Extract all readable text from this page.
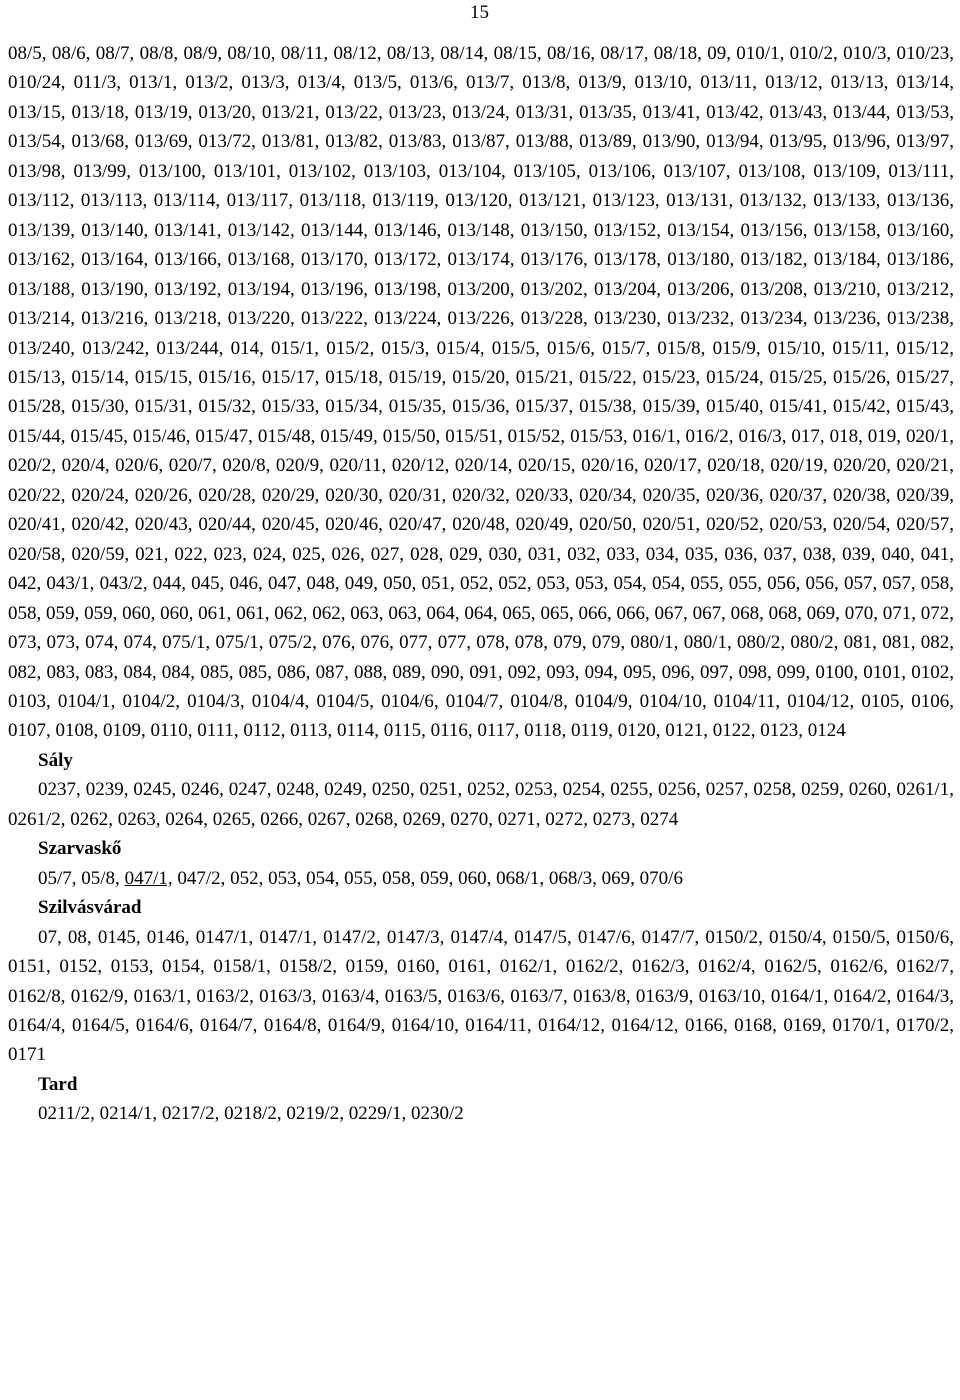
15

08/5, 08/6, 08/7, 08/8, 08/9, 08/10, 08/11, 08/12, 08/13, 08/14, 08/15, 08/16, 08/17, 08/18, 09, 010/1, 010/2, 010/3, 010/23, 010/24, 011/3, 013/1, 013/2, 013/3, 013/4, 013/5, 013/6, 013/7, 013/8, 013/9, 013/10, 013/11, 013/12, 013/13, 013/14, 013/15, 013/18, 013/19, 013/20, 013/21, 013/22, 013/23, 013/24, 013/31, 013/35, 013/41, 013/42, 013/43, 013/44, 013/53, 013/54, 013/68, 013/69, 013/72, 013/81, 013/82, 013/83, 013/87, 013/88, 013/89, 013/90, 013/94, 013/95, 013/96, 013/97, 013/98, 013/99, 013/100, 013/101, 013/102, 013/103, 013/104, 013/105, 013/106, 013/107, 013/108, 013/109, 013/111, 013/112, 013/113, 013/114, 013/117, 013/118, 013/119, 013/120, 013/121, 013/123, 013/131, 013/132, 013/133, 013/136, 013/139, 013/140, 013/141, 013/142, 013/144, 013/146, 013/148, 013/150, 013/152, 013/154, 013/156, 013/158, 013/160, 013/162, 013/164, 013/166, 013/168, 013/170, 013/172, 013/174, 013/176, 013/178, 013/180, 013/182, 013/184, 013/186, 013/188, 013/190, 013/192, 013/194, 013/196, 013/198, 013/200, 013/202, 013/204, 013/206, 013/208, 013/210, 013/212, 013/214, 013/216, 013/218, 013/220, 013/222, 013/224, 013/226, 013/228, 013/230, 013/232, 013/234, 013/236, 013/238, 013/240, 013/242, 013/244, 014, 015/1, 015/2, 015/3, 015/4, 015/5, 015/6, 015/7, 015/8, 015/9, 015/10, 015/11, 015/12, 015/13, 015/14, 015/15, 015/16, 015/17, 015/18, 015/19, 015/20, 015/21, 015/22, 015/23, 015/24, 015/25, 015/26, 015/27, 015/28, 015/30, 015/31, 015/32, 015/33, 015/34, 015/35, 015/36, 015/37, 015/38, 015/39, 015/40, 015/41, 015/42, 015/43, 015/44, 015/45, 015/46, 015/47, 015/48, 015/49, 015/50, 015/51, 015/52, 015/53, 016/1, 016/2, 016/3, 017, 018, 019, 020/1, 020/2, 020/4, 020/6, 020/7, 020/8, 020/9, 020/11, 020/12, 020/14, 020/15, 020/16, 020/17, 020/18, 020/19, 020/20, 020/21, 020/22, 020/24, 020/26, 020/28, 020/29, 020/30, 020/31, 020/32, 020/33, 020/34, 020/35, 020/36, 020/37, 020/38, 020/39, 020/41, 020/42, 020/43, 020/44, 020/45, 020/46, 020/47, 020/48, 020/49, 020/50, 020/51, 020/52, 020/53, 020/54, 020/57, 020/58, 020/59, 021, 022, 023, 024, 025, 026, 027, 028, 029, 030, 031, 032, 033, 034, 035, 036, 037, 038, 039, 040, 041, 042, 043/1, 043/2, 044, 045, 046, 047, 048, 049, 050, 051, 052, 052, 053, 053, 054, 054, 055, 055, 056, 056, 057, 057, 058, 058, 059, 059, 060, 060, 061, 061, 062, 062, 063, 063, 064, 064, 065, 065, 066, 066, 067, 067, 068, 068, 069, 070, 071, 072, 073, 073, 074, 074, 075/1, 075/1, 075/2, 076, 076, 077, 077, 078, 078, 079, 079, 080/1, 080/1, 080/2, 080/2, 081, 081, 082, 082, 083, 083, 084, 084, 085, 085, 086, 087, 088, 089, 090, 091, 092, 093, 094, 095, 096, 097, 098, 099, 0100, 0101, 0102, 0103, 0104/1, 0104/2, 0104/3, 0104/4, 0104/5, 0104/6, 0104/7, 0104/8, 0104/9, 0104/10, 0104/11, 0104/12, 0105, 0106, 0107, 0108, 0109, 0110, 0111, 0112, 0113, 0114, 0115, 0116, 0117, 0118, 0119, 0120, 0121, 0122, 0123, 0124

Sály

0237, 0239, 0245, 0246, 0247, 0248, 0249, 0250, 0251, 0252, 0253, 0254, 0255, 0256, 0257, 0258, 0259, 0260, 0261/1, 0261/2, 0262, 0263, 0264, 0265, 0266, 0267, 0268, 0269, 0270, 0271, 0272, 0273, 0274

Szarvaskő

05/7, 05/8, 047/1, 047/2, 052, 053, 054, 055, 058, 059, 060, 068/1, 068/3, 069, 070/6

Szilvásvárad

07, 08, 0145, 0146, 0147/1, 0147/1, 0147/2, 0147/3, 0147/4, 0147/5, 0147/6, 0147/7, 0150/2, 0150/4, 0150/5, 0150/6, 0151, 0152, 0153, 0154, 0158/1, 0158/2, 0159, 0160, 0161, 0162/1, 0162/2, 0162/3, 0162/4, 0162/5, 0162/6, 0162/7, 0162/8, 0162/9, 0163/1, 0163/2, 0163/3, 0163/4, 0163/5, 0163/6, 0163/7, 0163/8, 0163/9, 0163/10, 0164/1, 0164/2, 0164/3, 0164/4, 0164/5, 0164/6, 0164/7, 0164/8, 0164/9, 0164/10, 0164/11, 0164/12, 0164/12, 0166, 0168, 0169, 0170/1, 0170/2, 0171

Tard

0211/2, 0214/1, 0217/2, 0218/2, 0219/2, 0229/1, 0230/2
